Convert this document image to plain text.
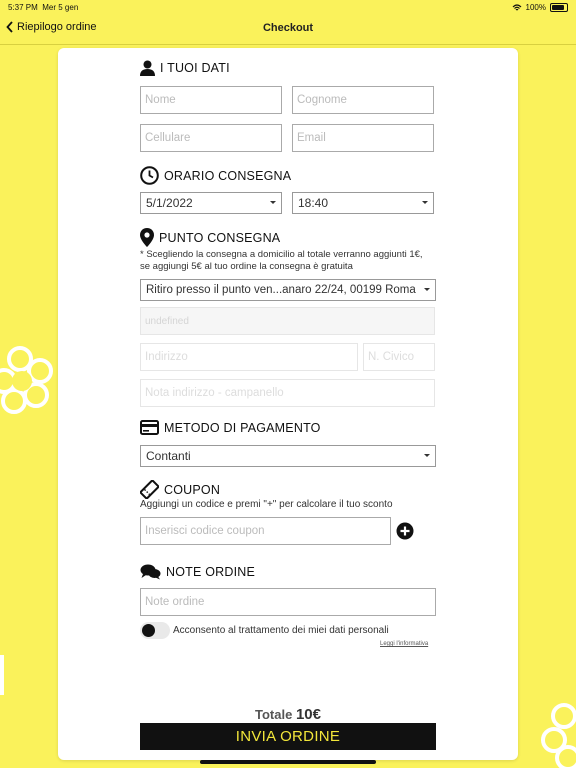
5:37 PM Mer 5 gen	100%
Riepilogo ordine	Checkout
I TUOI DATI
Nome	Cognome
Cellulare	Email
ORARIO CONSEGNA
5/1/2022	18:40
PUNTO CONSEGNA
* Scegliendo la consegna a domicilio al totale verranno aggiunti 1€,
se aggiungi 5€ al tuo ordine la consegna è gratuita
Ritiro presso il punto ven...anaro 22/24, 00199 Roma
undefined
Indirizzo	N. Civico
Nota indirizzo - campanello
METODO DI PAGAMENTO
Contanti
COUPON
Aggiungi un codice e premi "+" per calcolare il tuo sconto
Inserisci codice coupon
NOTE ORDINE
Note ordine
Acconsento al trattamento dei miei dati personali
Leggi l'informativa
Totale 10€
INVIA ORDINE
